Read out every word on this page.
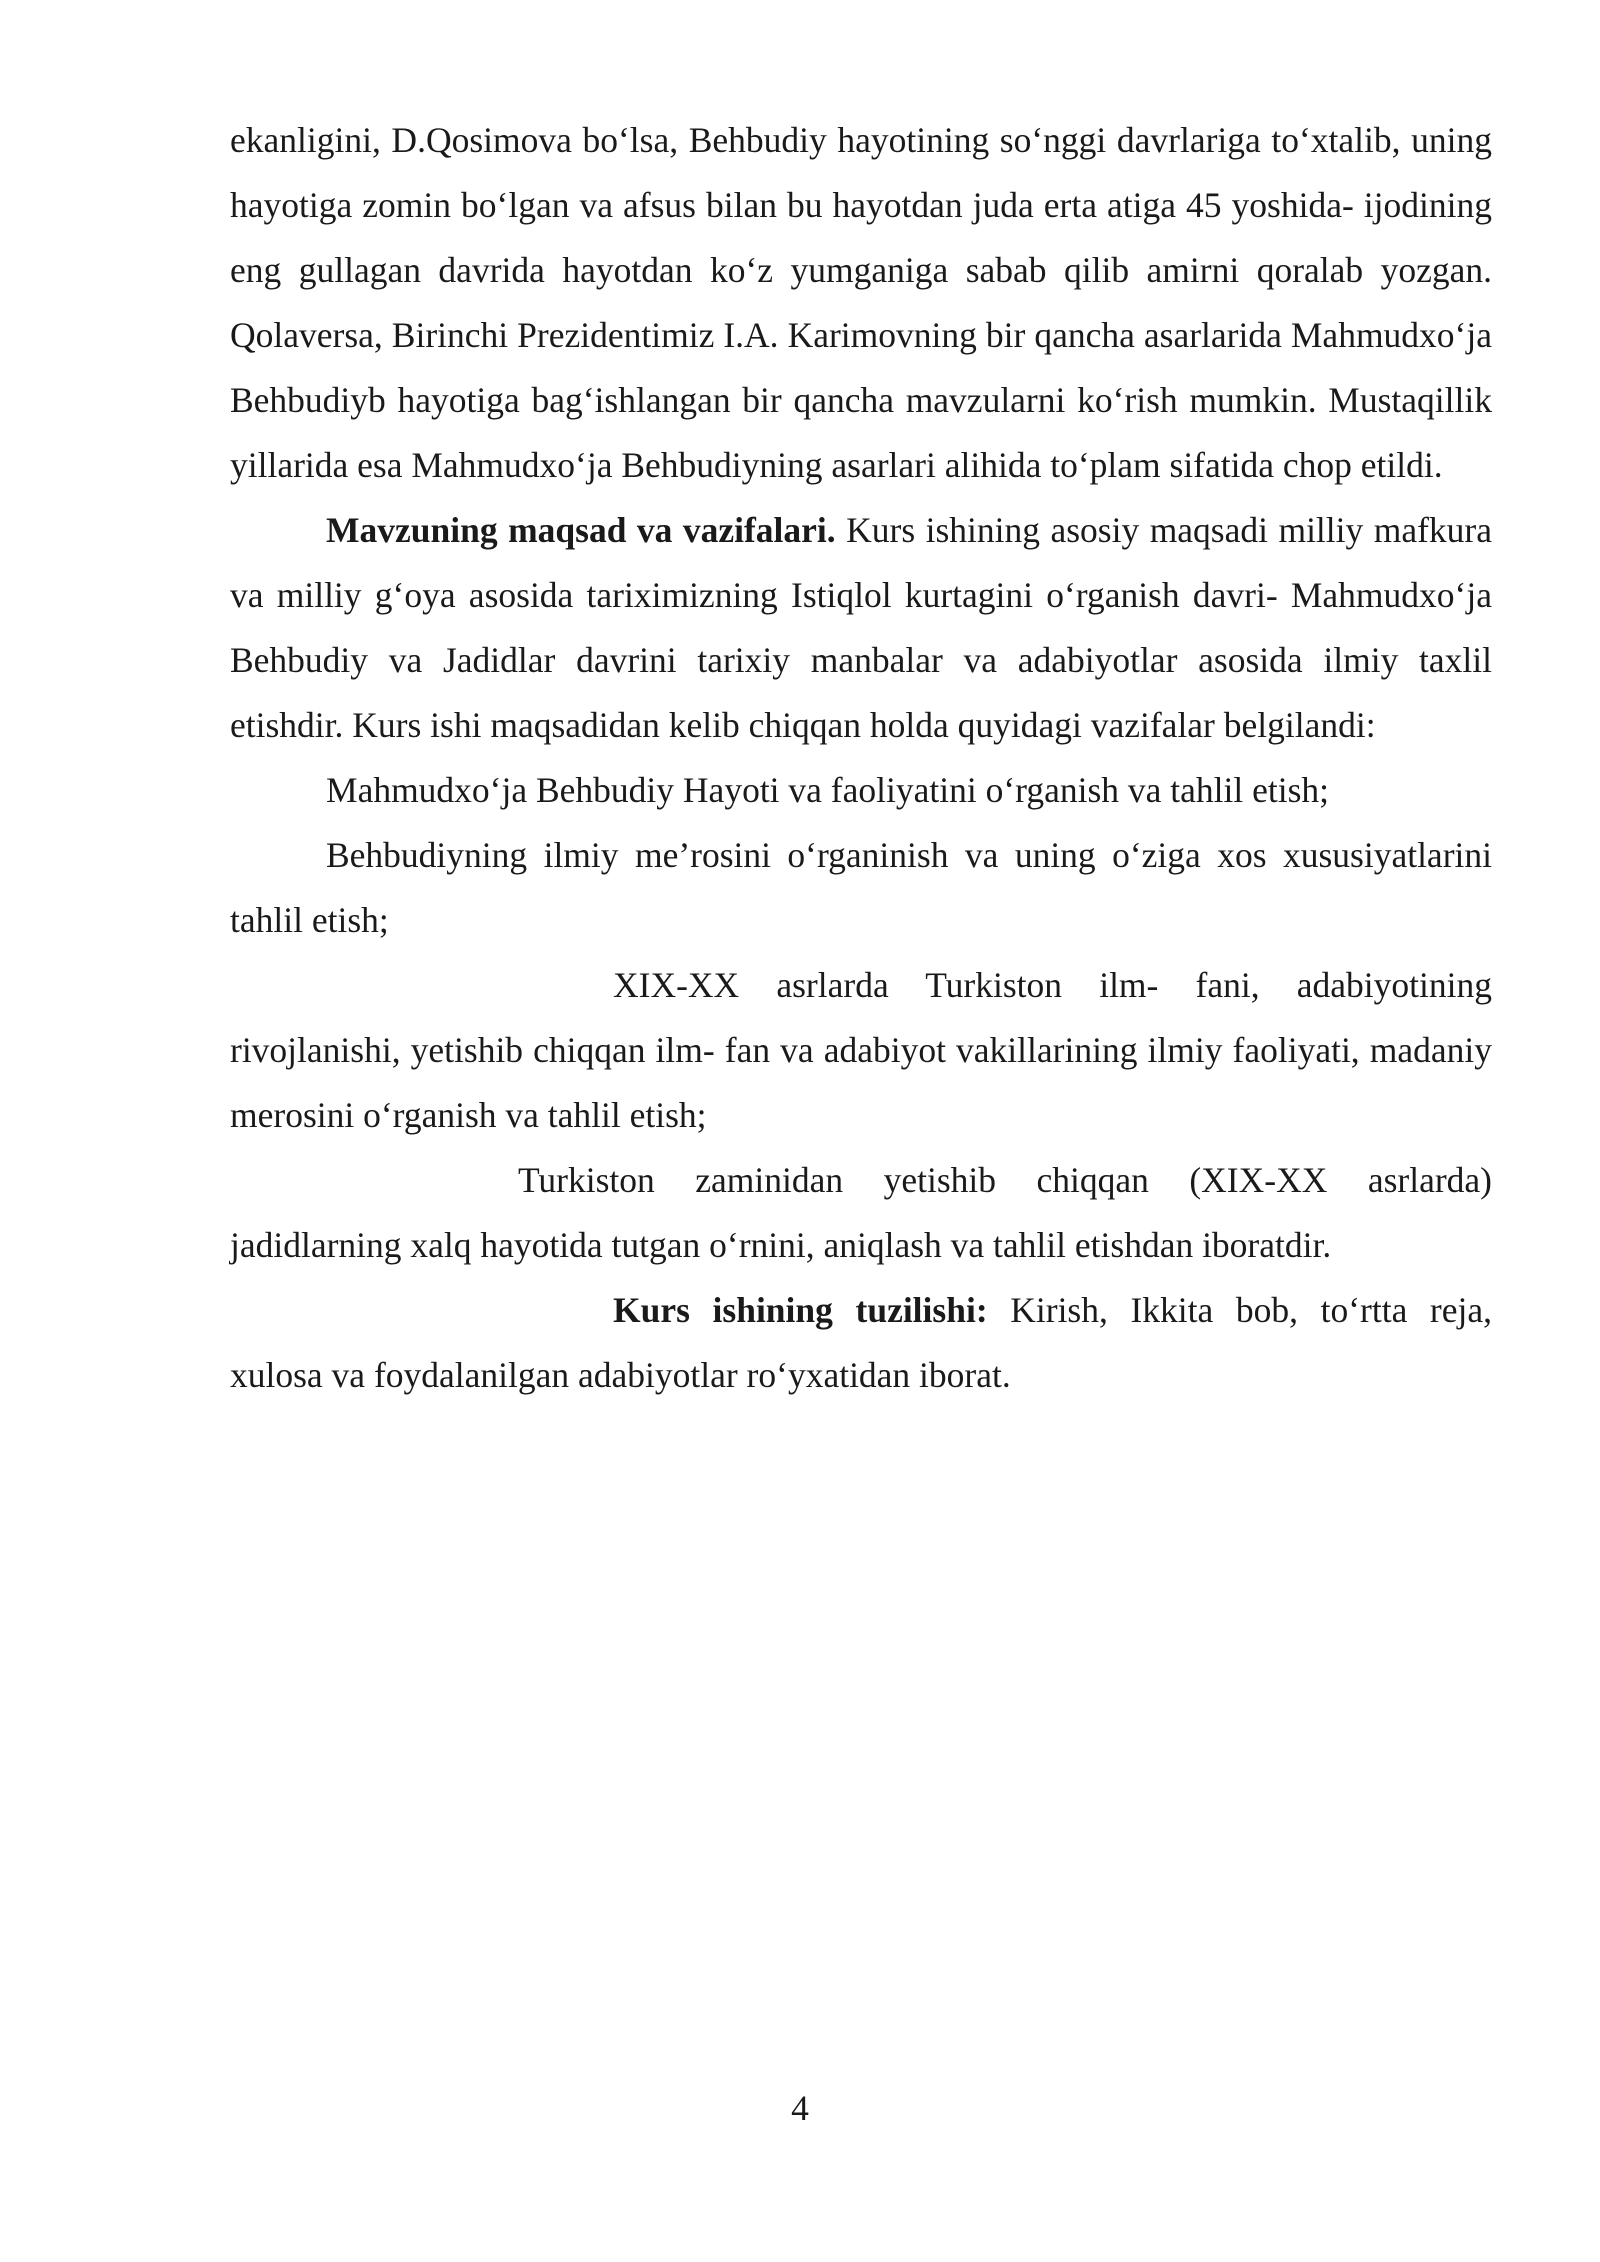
ekanligini, D.Qosimova bo‘lsa, Behbudiy hayotining so‘nggi davrlariga to‘xtalib, uning hayotiga zomin bo‘lgan va afsus bilan bu hayotdan juda erta atiga 45 yoshida- ijodining eng gullagan davrida hayotdan ko‘z yumganiga sabab qilib amirni qoralab yozgan. Qolaversa, Birinchi Prezidentimiz I.A. Karimovning bir qancha asarlarida Mahmudxo‘ja Behbudiyb hayotiga bag‘ishlangan bir qancha mavzularni ko‘rish mumkin. Mustaqillik yillarida esa Mahmudxo‘ja Behbudiyning asarlari alihida to‘plam sifatida chop etildi.

Mavzuning maqsad va vazifalari. Kurs ishining asosiy maqsadi milliy mafkura va milliy g‘oya asosida tariximizning Istiqlol kurtagini o‘rganish davri- Mahmudxo‘ja Behbudiy va Jadidlar davrini tarixiy manbalar va adabiyotlar asosida ilmiy taxlil etishdir. Kurs ishi maqsadidan kelib chiqqan holda quyidagi vazifalar belgilandi:

Mahmudxo‘ja Behbudiy Hayoti va faoliyatini o‘rganish va tahlil etish;

Behbudiyning ilmiy me’rosini o‘rganinish va uning o‘ziga xos xususiyatlarini tahlil etish;

XIX-XX asrlarda Turkiston ilm- fani, adabiyotining rivojlanishi, yetishib chiqqan ilm- fan va adabiyot vakillarining ilmiy faoliyati, madaniy merosini o‘rganish va tahlil etish;

Turkiston zaminidan yetishib chiqqan (XIX-XX asrlarda) jadidlarning xalq hayotida tutgan o‘rnini, aniqlash va tahlil etishdan iboratdir.

Kurs ishining tuzilishi: Kirish, Ikkita bob, to‘rtta reja, xulosa va foydalanilgan adabiyotlar ro‘yxatidan iborat.

4
